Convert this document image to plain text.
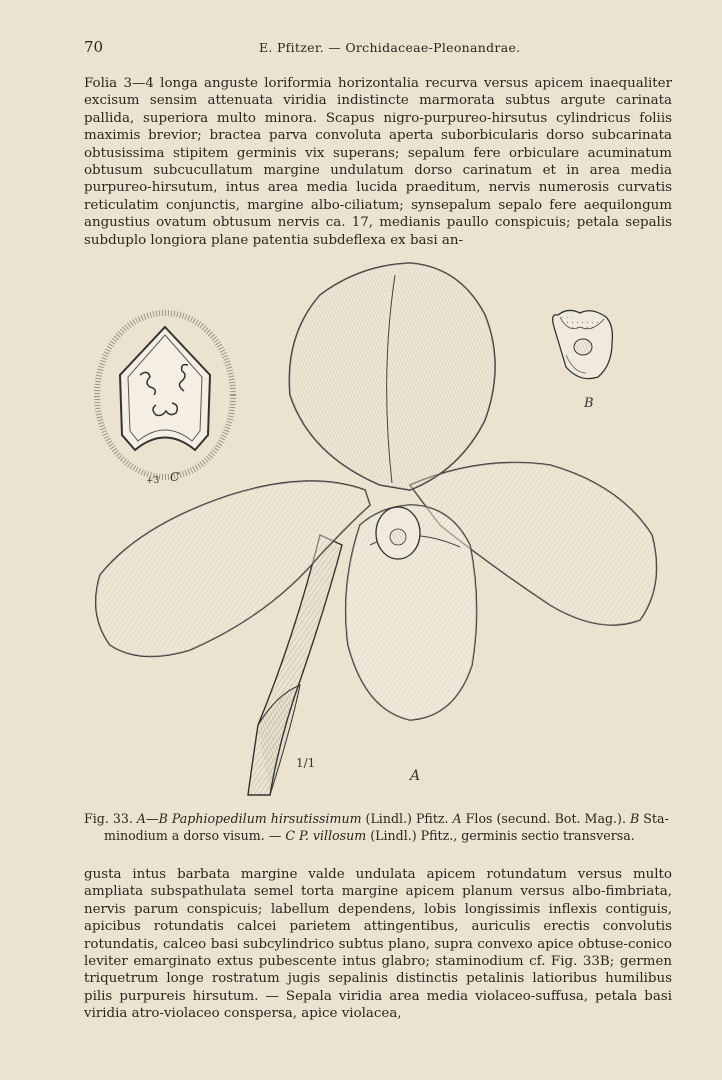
70	E. Pfitzer. — Orchidaceae-Pleonandrae.

Folia 3—4 longa anguste loriformia horizontalia recurva versus apicem inaequaliter excisum sensim attenuata viridia indistincte marmorata subtus argute carinata pallida, superiora multo minora. Scapus nigro-purpureo-hirsutus cylindricus foliis maximis brevior; bractea parva convoluta aperta suborbicularis dorso subcarinata obtusissima stipitem germinis vix superans; sepalum fere orbiculare acuminatum obtusum subcucullatum margine undulatum dorso carinatum et in area media purpureo-hirsutum, intus area media lucida praeditum, nervis numerosis curvatis reticulatim conjunctis, margine albo-ciliatum; synsepalum sepalo fere aequilongum angustius ovatum obtusum nervis ca. 17, medianis paullo conspicuis; petala sepalis subduplo longiora plane patentia subdeflexa ex basi an-

+3 C
B
1/1
A

Fig. 33. A—B Paphiopedilum hirsutissimum (Lindl.) Pfitz. A Flos (secund. Bot. Mag.). B Sta-
minodium a dorso visum. — C P. villosum (Lindl.) Pfitz., germinis sectio transversa.

gusta intus barbata margine valde undulata apicem rotundatum versus multo ampliata subspathulata semel torta margine apicem planum versus albo-fimbriata, nervis parum conspicuis; labellum dependens, lobis longissimis inflexis contiguis, apicibus rotundatis calcei parietem attingentibus, auriculis erectis convolutis rotundatis, calceo basi subcylindrico subtus plano, supra convexo apice obtuse-conico leviter emarginato extus pubescente intus glabro; staminodium cf. Fig. 33B; germen triquetrum longe rostratum jugis sepalinis distinctis petalinis latioribus humilibus pilis purpureis hirsutum. — Sepala viridia area media violaceo-suffusa, petala basi viridia atro-violaceo conspersa, apice violacea,
